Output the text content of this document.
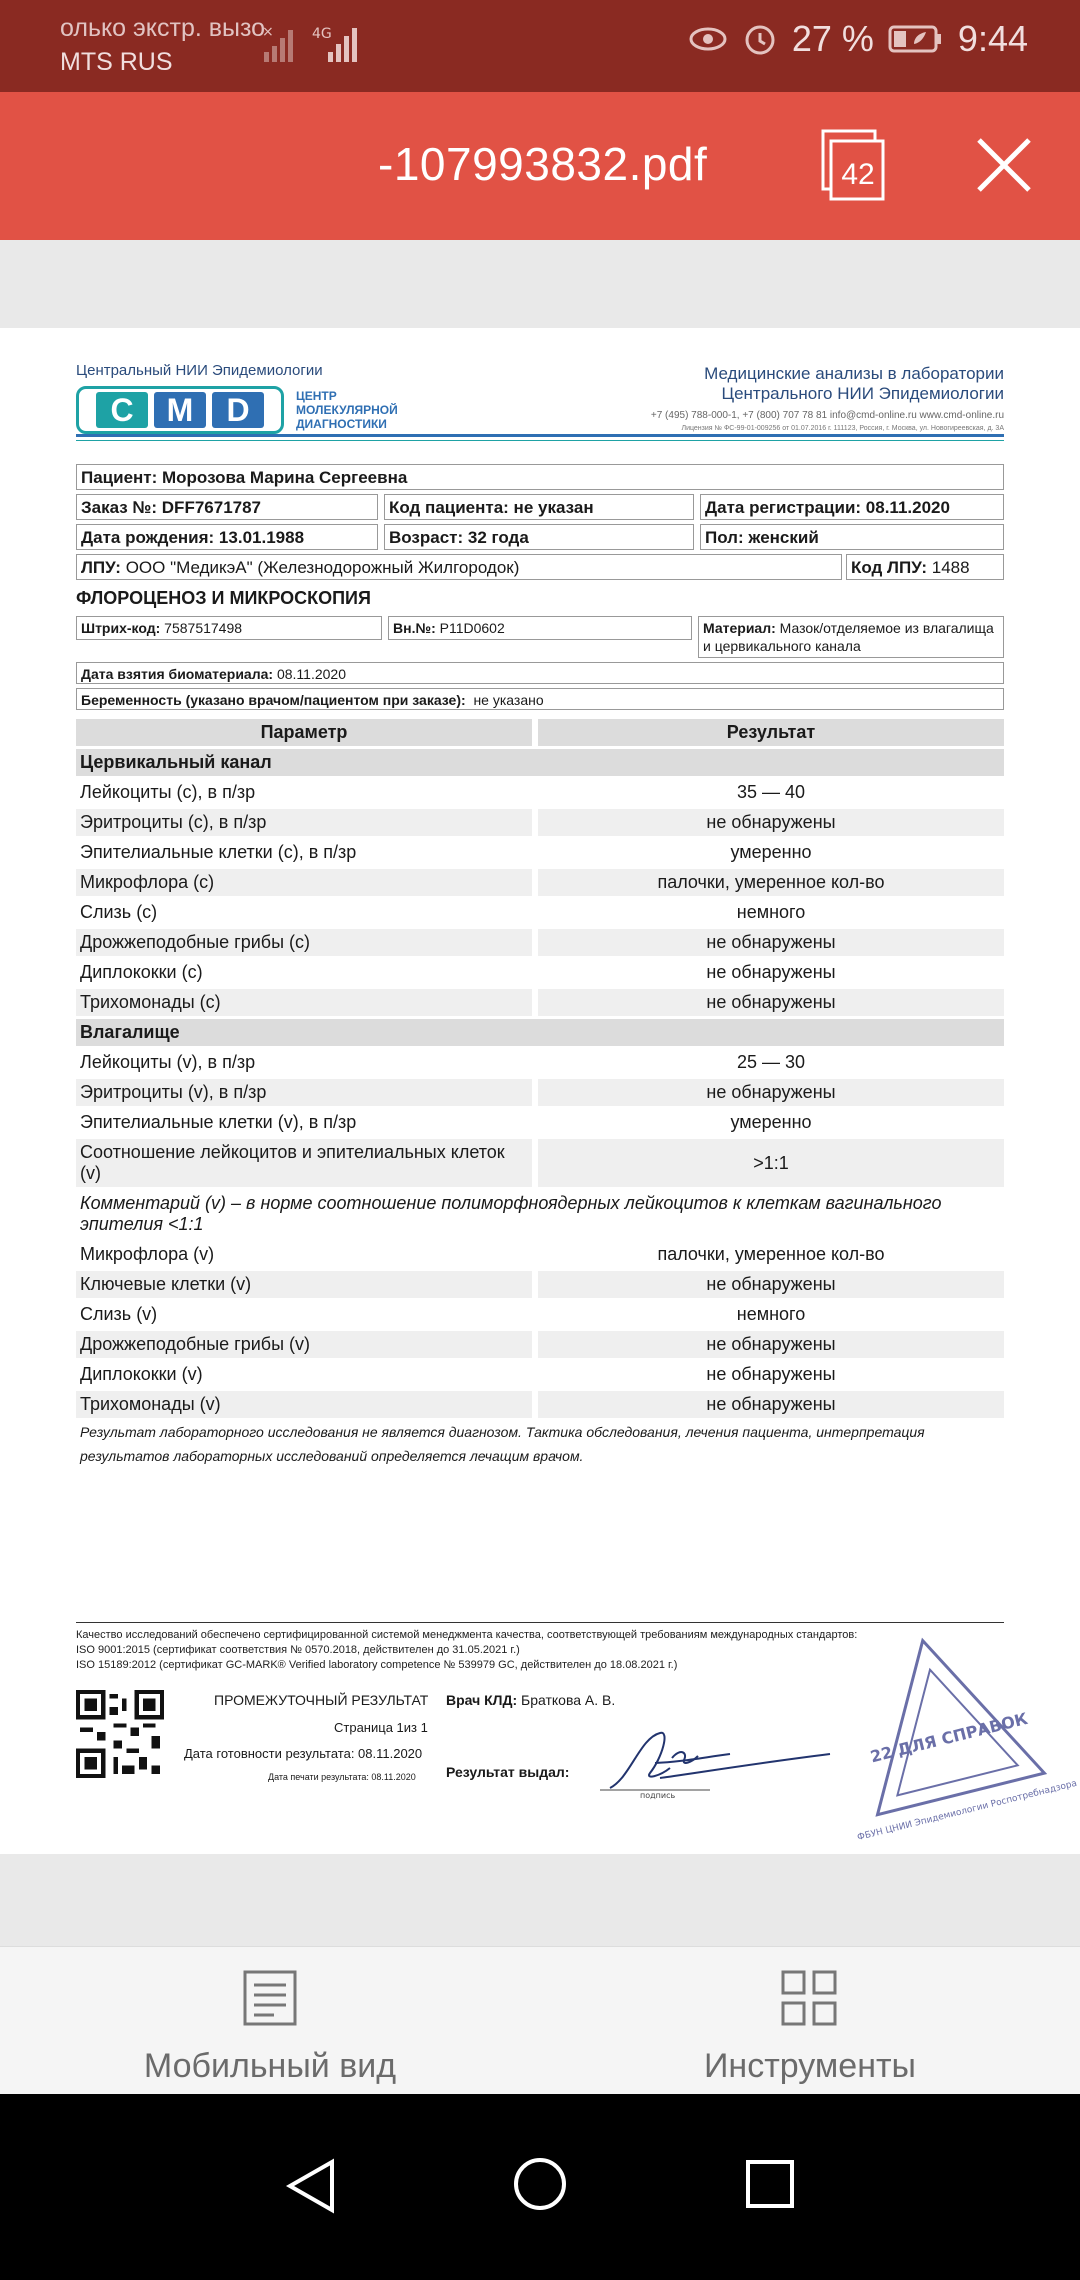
олько экстр. вызо
MTS RUS
×	4G	27 % 9:44
-107993832.pdf	42
Центральный НИИ Эпидемиологии
C	M	D	ЦЕНТР МОЛЕКУЛЯРНОЙ ДИАГНОСТИКИ
Медицинские анализы в лаборатории
Центрального НИИ Эпидемиологии
+7 (495) 788-000-1, +7 (800) 707 78 81 info@cmd-online.ru www.cmd-online.ru
Лицензия № ФС-99-01-009256 от 01.07.2016 г. 111123, Россия, г. Москва, ул. Новогиреевская, д. 3А
Пациент: Морозова Марина Сергеевна
Заказ №: DFF7671787	Код пациента: не указан	Дата регистрации: 08.11.2020
Дата рождения: 13.01.1988	Возраст: 32 года	Пол: женский
ЛПУ: ООО "МедикэА" (Железнодорожный Жилгородок)	Код ЛПУ: 1488
ФЛОРОЦЕНОЗ И МИКРОСКОПИЯ
Штрих-код: 7587517498	Вн.№: P11D0602	Материал: Мазок/отделяемое из влагалища и цервикального канала
Дата взятия биоматериала: 08.11.2020
Беременность (указано врачом/пациентом при заказе): не указано
Параметр		Результат
Цервикальный канал		
Лейкоциты (с), в п/зр		35 — 40
Эритроциты (с), в п/зр		не обнаружены
Эпителиальные клетки (с), в п/зр		умеренно
Микрофлора (с)		палочки, умеренное кол-во
Слизь (с)		немного
Дрожжеподобные грибы (с)		не обнаружены
Диплококки (с)		не обнаружены
Трихомонады (с)		не обнаружены
Влагалище		
Лейкоциты (v), в п/зр		25 — 30
Эритроциты (v), в п/зр		не обнаружены
Эпителиальные клетки (v), в п/зр		умеренно
Соотношение лейкоцитов и эпителиальных клеток (v)		>1:1
Комментарий (v) – в норме соотношение полиморфноядерных лейкоцитов к клеткам вагинального эпителия <1:1		
Микрофлора (v)		палочки, умеренное кол-во
Ключевые клетки (v)		не обнаружены
Слизь (v)		немного
Дрожжеподобные грибы (v)		не обнаружены
Диплококки (v)		не обнаружены
Трихомонады (v)		не обнаружены
Результат лабораторного исследования не является диагнозом. Тактика обследования, лечения пациента, интерпретация результатов лабораторных исследований определяется лечащим врачом.
Качество исследований обеспечено сертифицированной системой менеджмента качества, соответствующей требованиям международных стандартов:
ISO 9001:2015 (сертификат соответствия № 0570.2018, действителен до 31.05.2021 г.)
ISO 15189:2012 (сертификат GC-MARK® Verified laboratory competence № 539979 GC, действителен до 18.08.2021 г.)
ПРОМЕЖУТОЧНЫЙ РЕЗУЛЬТАТ
Страница 1из 1
Дата готовности результата: 08.11.2020
Дата печати результата: 08.11.2020
Врач КЛД: Браткова А. В.
Результат выдал:
подпись
22 ДЛЯ СПРАВОК
ФБУН ЦНИИ Эпидемиологии Роспотребнадзора
Мобильный вид	Инструменты
